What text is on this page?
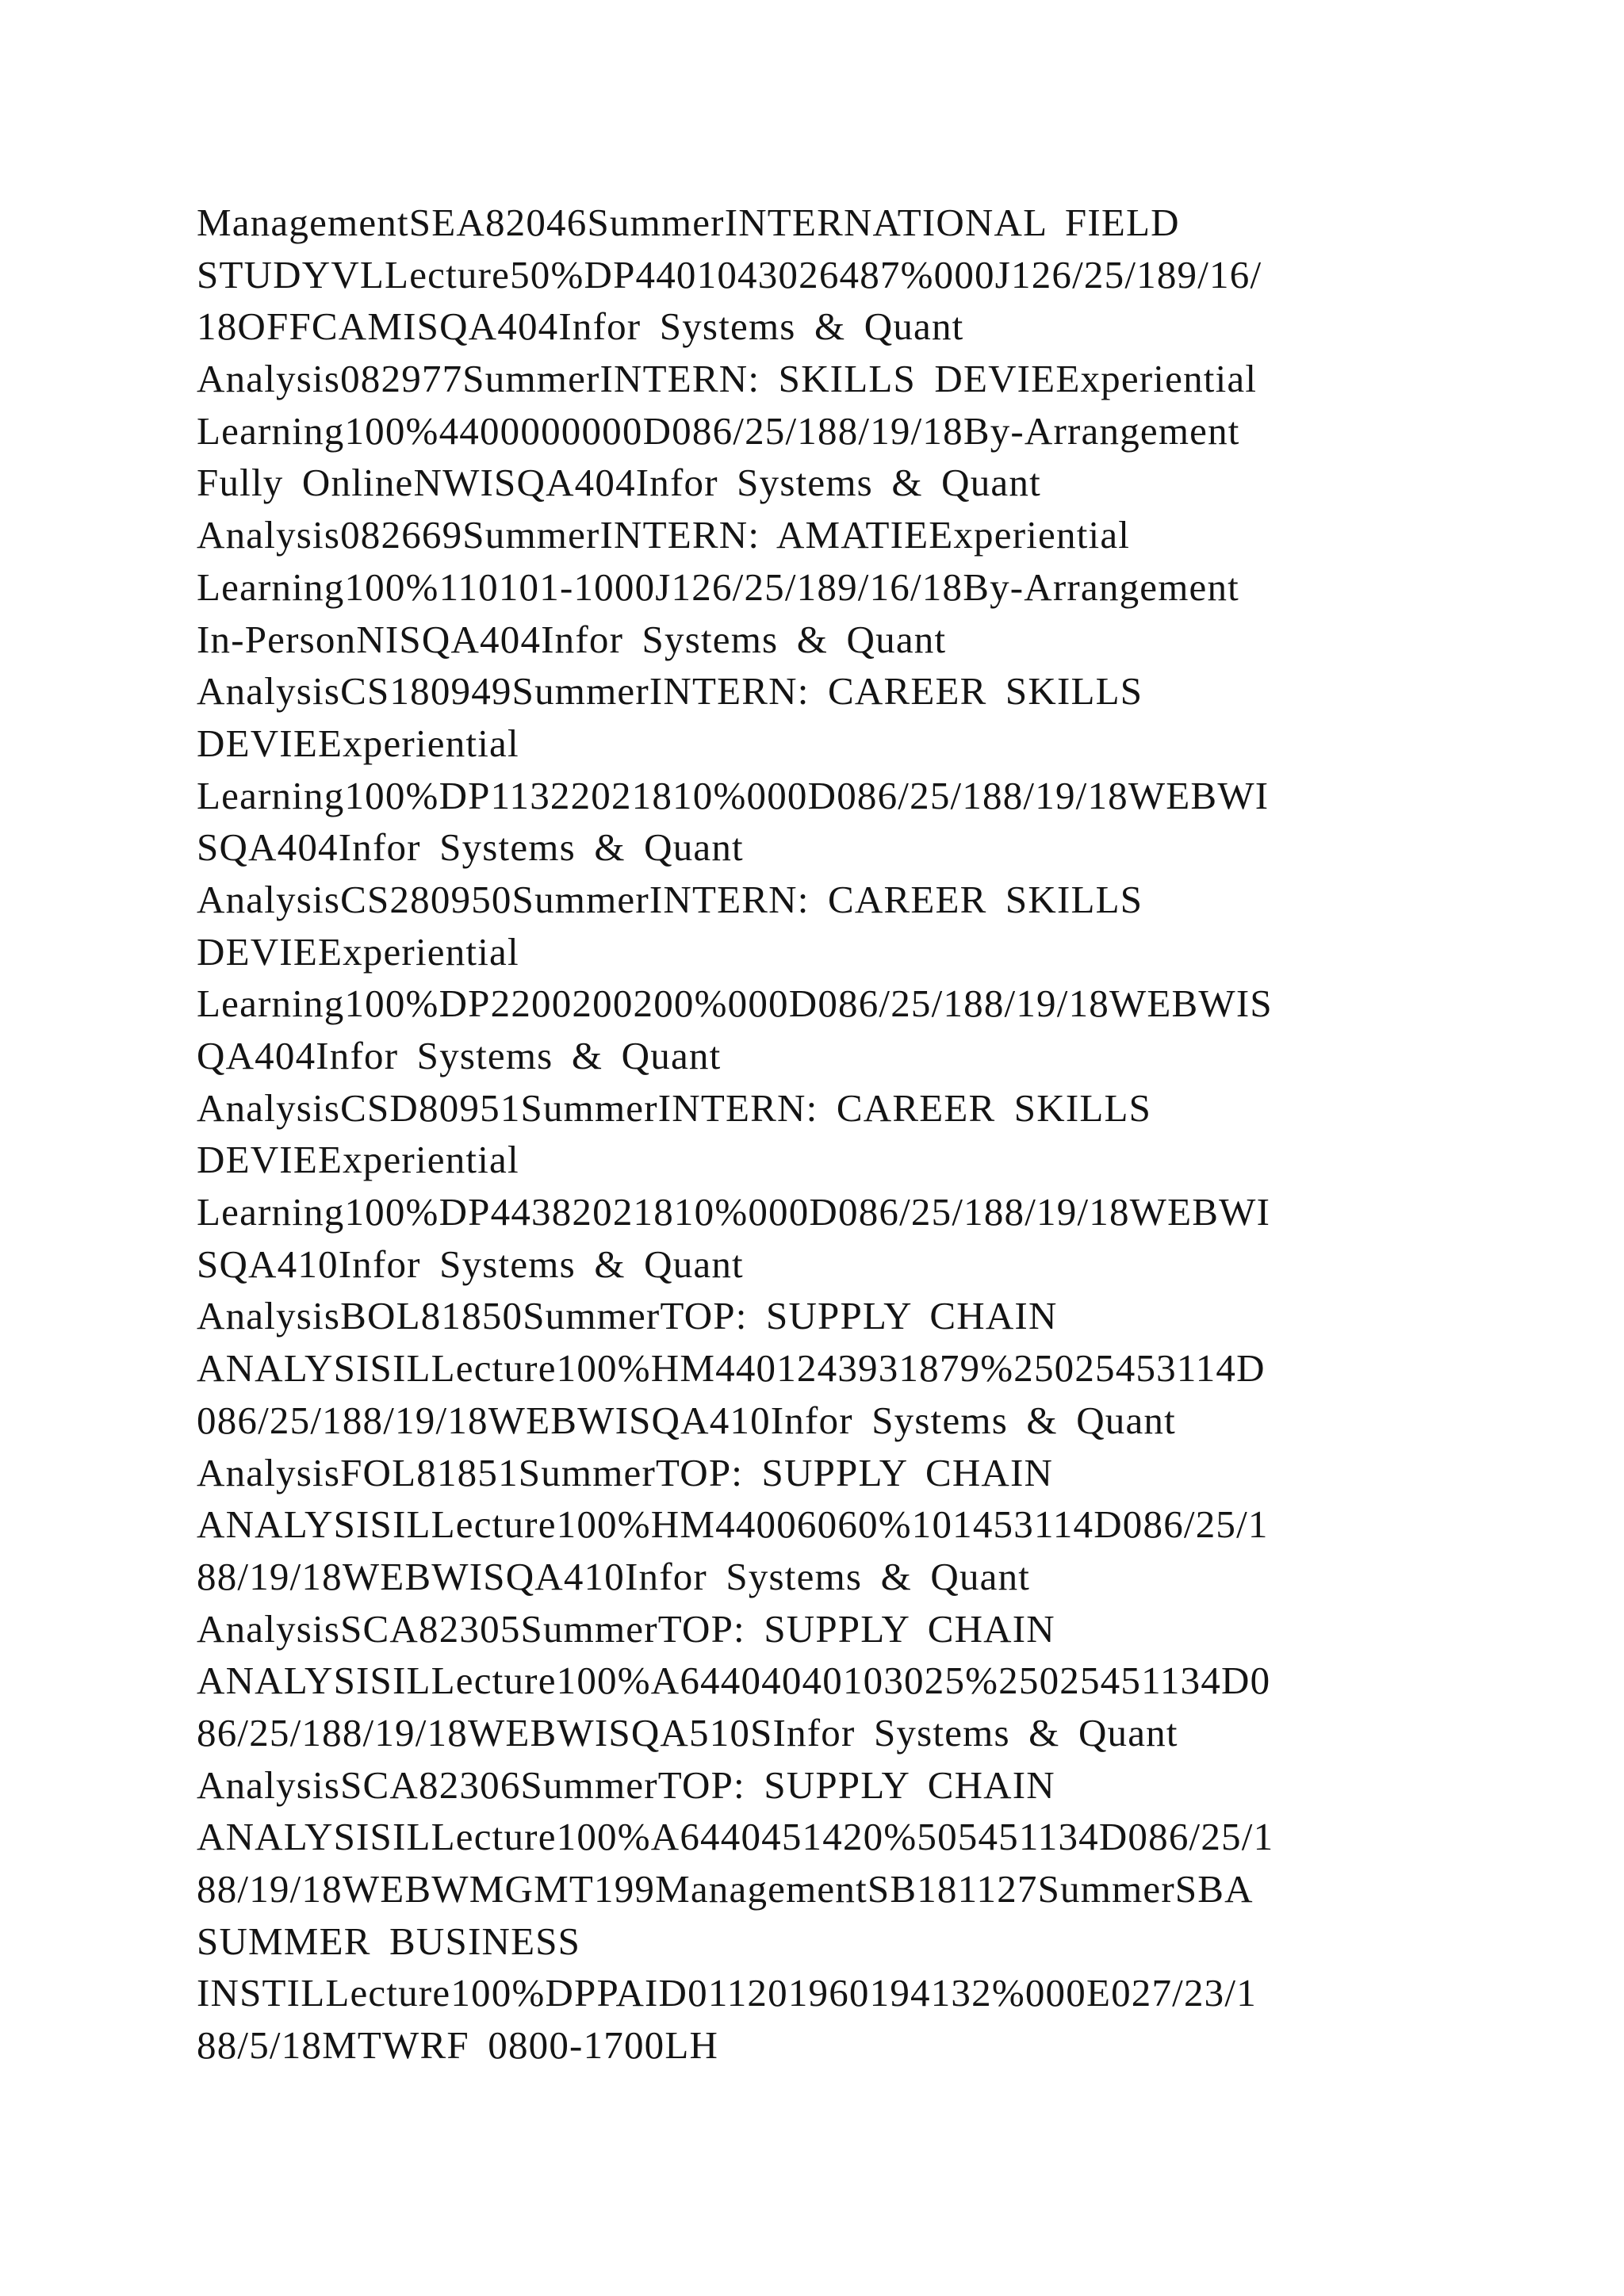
ManagementSEA82046SummerINTERNATIONAL FIELD
STUDYVLLecture50%DP4401043026487%000J126/25/189/16/
18OFFCAMISQA404Infor Systems & Quant
Analysis082977SummerINTERN: SKILLS DEVIEExperiential
Learning100%4400000000D086/25/188/19/18By-Arrangement
Fully OnlineNWISQA404Infor Systems & Quant
Analysis082669SummerINTERN: AMATIEExperiential
Learning100%110101-1000J126/25/189/16/18By-Arrangement
In-PersonNISQA404Infor Systems & Quant
AnalysisCS180949SummerINTERN: CAREER SKILLS
DEVIEExperiential
Learning100%DP11322021810%000D086/25/188/19/18WEBWI
SQA404Infor Systems & Quant
AnalysisCS280950SummerINTERN: CAREER SKILLS
DEVIEExperiential
Learning100%DP2200200200%000D086/25/188/19/18WEBWIS
QA404Infor Systems & Quant
AnalysisCSD80951SummerINTERN: CAREER SKILLS
DEVIEExperiential
Learning100%DP44382021810%000D086/25/188/19/18WEBWI
SQA410Infor Systems & Quant
AnalysisBOL81850SummerTOP: SUPPLY CHAIN
ANALYSISILLecture100%HM4401243931879%25025453114D
086/25/188/19/18WEBWISQA410Infor Systems & Quant
AnalysisFOL81851SummerTOP: SUPPLY CHAIN
ANALYSISILLecture100%HM44006060%101453114D086/25/1
88/19/18WEBWISQA410Infor Systems & Quant
AnalysisSCA82305SummerTOP: SUPPLY CHAIN
ANALYSISILLecture100%A64404040103025%25025451134D0
86/25/188/19/18WEBWISQA510SInfor Systems & Quant
AnalysisSCA82306SummerTOP: SUPPLY CHAIN
ANALYSISILLecture100%A6440451420%505451134D086/25/1
88/19/18WEBWMGMT199ManagementSB181127SummerSBA
SUMMER BUSINESS
INSTILLecture100%DPPAID011201960194132%000E027/23/1
88/5/18MTWRF 0800-1700LH
